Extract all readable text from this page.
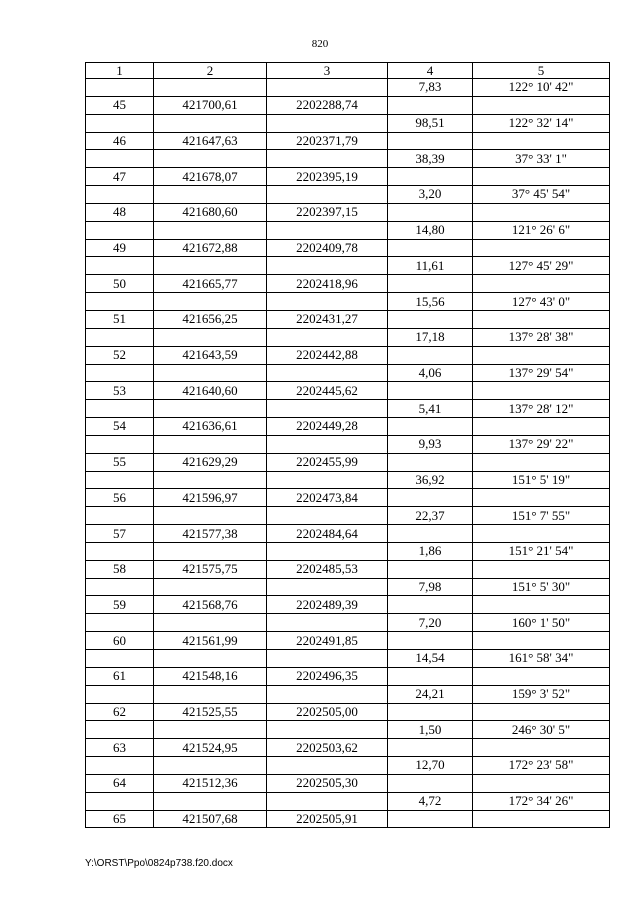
820
1	2	3	4	5
			7,83	122° 10' 42"
45	421700,61	2202288,74		
			98,51	122° 32' 14"
46	421647,63	2202371,79		
			38,39	37° 33' 1"
47	421678,07	2202395,19		
			3,20	37° 45' 54"
48	421680,60	2202397,15		
			14,80	121° 26' 6"
49	421672,88	2202409,78		
			11,61	127° 45' 29"
50	421665,77	2202418,96		
			15,56	127° 43' 0"
51	421656,25	2202431,27		
			17,18	137° 28' 38"
52	421643,59	2202442,88		
			4,06	137° 29' 54"
53	421640,60	2202445,62		
			5,41	137° 28' 12"
54	421636,61	2202449,28		
			9,93	137° 29' 22"
55	421629,29	2202455,99		
			36,92	151° 5' 19"
56	421596,97	2202473,84		
			22,37	151° 7' 55"
57	421577,38	2202484,64		
			1,86	151° 21' 54"
58	421575,75	2202485,53		
			7,98	151° 5' 30"
59	421568,76	2202489,39		
			7,20	160° 1' 50"
60	421561,99	2202491,85		
			14,54	161° 58' 34"
61	421548,16	2202496,35		
			24,21	159° 3' 52"
62	421525,55	2202505,00		
			1,50	246° 30' 5"
63	421524,95	2202503,62		
			12,70	172° 23' 58"
64	421512,36	2202505,30		
			4,72	172° 34' 26"
65	421507,68	2202505,91		
Y:\ORST\Ppo\0824p738.f20.docx
